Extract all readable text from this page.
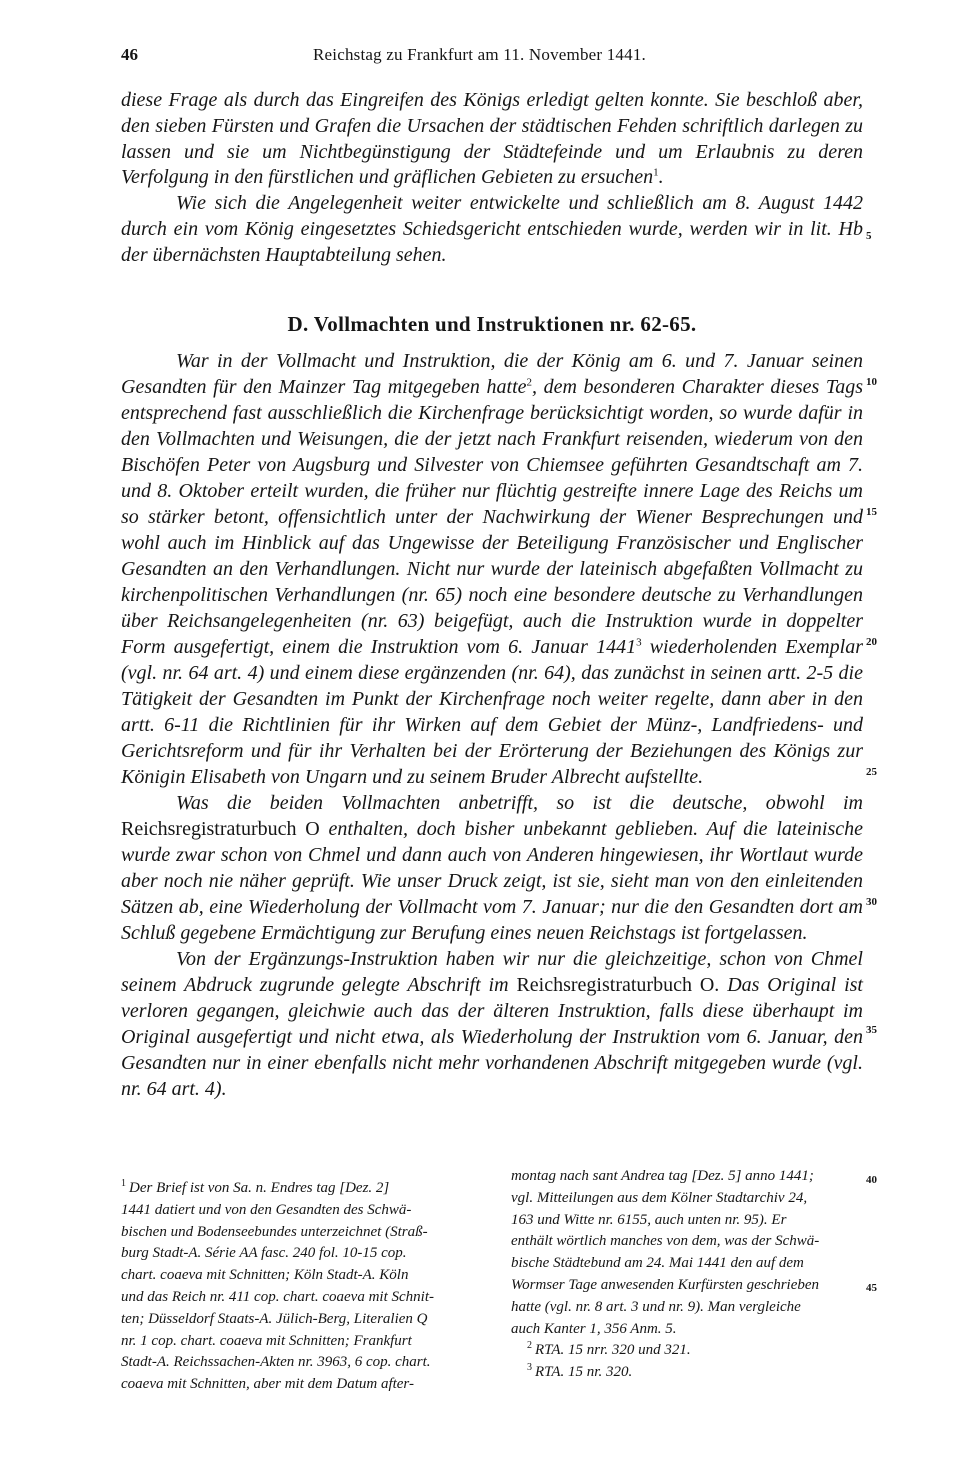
46	Reichstag zu Frankfurt am 11. November 1441.

diese Frage als durch das Eingreifen des Königs erledigt gelten konnte. Sie beschloß aber, den sieben Fürsten und Grafen die Ursachen der städtischen Fehden schriftlich darlegen zu lassen und sie um Nichtbegünstigung der Städtefeinde und um Erlaubnis zu deren Verfolgung in den fürstlichen und gräflichen Gebieten zu ersuchen$^1$.

Wie sich die Angelegenheit weiter entwickelte und schließlich am 8. August 1442 durch ein vom König eingesetztes Schiedsgericht entschieden wurde, werden wir in lit. Hb der übernächsten Hauptabteilung sehen.

D. Vollmachten und Instruktionen nr. 62-65.

War in der Vollmacht und Instruktion, die der König am 6. und 7. Januar seinen Gesandten für den Mainzer Tag mitgegeben hatte$^2$, dem besonderen Charakter dieses Tags entsprechend fast ausschließlich die Kirchenfrage berücksichtigt worden, so wurde dafür in den Vollmachten und Weisungen, die der jetzt nach Frankfurt reisenden, wiederum von den Bischöfen Peter von Augsburg und Silvester von Chiemsee geführten Gesandtschaft am 7. und 8. Oktober erteilt wurden, die früher nur flüchtig gestreifte innere Lage des Reichs um so stärker betont, offensichtlich unter der Nachwirkung der Wiener Besprechungen und wohl auch im Hinblick auf das Ungewisse der Beteiligung Französischer und Englischer Gesandten an den Verhandlungen. Nicht nur wurde der lateinisch abgefaßten Vollmacht zu kirchenpolitischen Verhandlungen (nr. 65) noch eine besondere deutsche zu Verhandlungen über Reichsangelegenheiten (nr. 63) beigefügt, auch die Instruktion wurde in doppelter Form ausgefertigt, einem die Instruktion vom 6. Januar 1441$^3$ wiederholenden Exemplar (vgl. nr. 64 art. 4) und einem diese ergänzenden (nr. 64), das zunächst in seinen artt. 2-5 die Tätigkeit der Gesandten im Punkt der Kirchenfrage noch weiter regelte, dann aber in den artt. 6-11 die Richtlinien für ihr Wirken auf dem Gebiet der Münz-, Landfriedens- und Gerichtsreform und für ihr Verhalten bei der Erörterung der Beziehungen des Königs zur Königin Elisabeth von Ungarn und zu seinem Bruder Albrecht aufstellte.

Was die beiden Vollmachten anbetrifft, so ist die deutsche, obwohl im Reichsregistraturbuch O enthalten, doch bisher unbekannt geblieben. Auf die lateinische wurde zwar schon von Chmel und dann auch von Anderen hingewiesen, ihr Wortlaut wurde aber noch nie näher geprüft. Wie unser Druck zeigt, ist sie, sieht man von den einleitenden Sätzen ab, eine Wiederholung der Vollmacht vom 7. Januar; nur die den Gesandten dort am Schluß gegebene Ermächtigung zur Berufung eines neuen Reichstags ist fortgelassen.

Von der Ergänzungs-Instruktion haben wir nur die gleichzeitige, schon von Chmel seinem Abdruck zugrunde gelegte Abschrift im Reichsregistraturbuch O. Das Original ist verloren gegangen, gleichwie auch das der älteren Instruktion, falls diese überhaupt im Original ausgefertigt und nicht etwa, als Wiederholung der Instruktion vom 6. Januar, den Gesandten nur in einer ebenfalls nicht mehr vorhandenen Abschrift mitgegeben wurde (vgl. nr. 64 art. 4).

5
10
15
20
25
30
35
40
45

$^1$ Der Brief ist von Sa. n. Endres tag [Dez. 2]

1441 datiert und von den Gesandten des Schwä-

bischen und Bodenseebundes unterzeichnet (Straß-

burg Stadt-A. Série AA fasc. 240 fol. 10-15 cop.

chart. coaeva mit Schnitten; Köln Stadt-A. Köln

und das Reich nr. 411 cop. chart. coaeva mit Schnit-

ten; Düsseldorf Staats-A. Jülich-Berg, Literalien Q

nr. 1 cop. chart. coaeva mit Schnitten; Frankfurt

Stadt-A. Reichssachen-Akten nr. 3963, 6 cop. chart.

coaeva mit Schnitten, aber mit dem Datum after-

montag nach sant Andrea tag [Dez. 5] anno 1441;

vgl. Mitteilungen aus dem Kölner Stadtarchiv 24,

163 und Witte nr. 6155, auch unten nr. 95). Er

enthält wörtlich manches von dem, was der Schwä-

bische Städtebund am 24. Mai 1441 den auf dem

Wormser Tage anwesenden Kurfürsten geschrieben

hatte (vgl. nr. 8 art. 3 und nr. 9). Man vergleiche

auch Kanter 1, 356 Anm. 5.

$^2$ RTA. 15 nrr. 320 und 321.

$^3$ RTA. 15 nr. 320.
